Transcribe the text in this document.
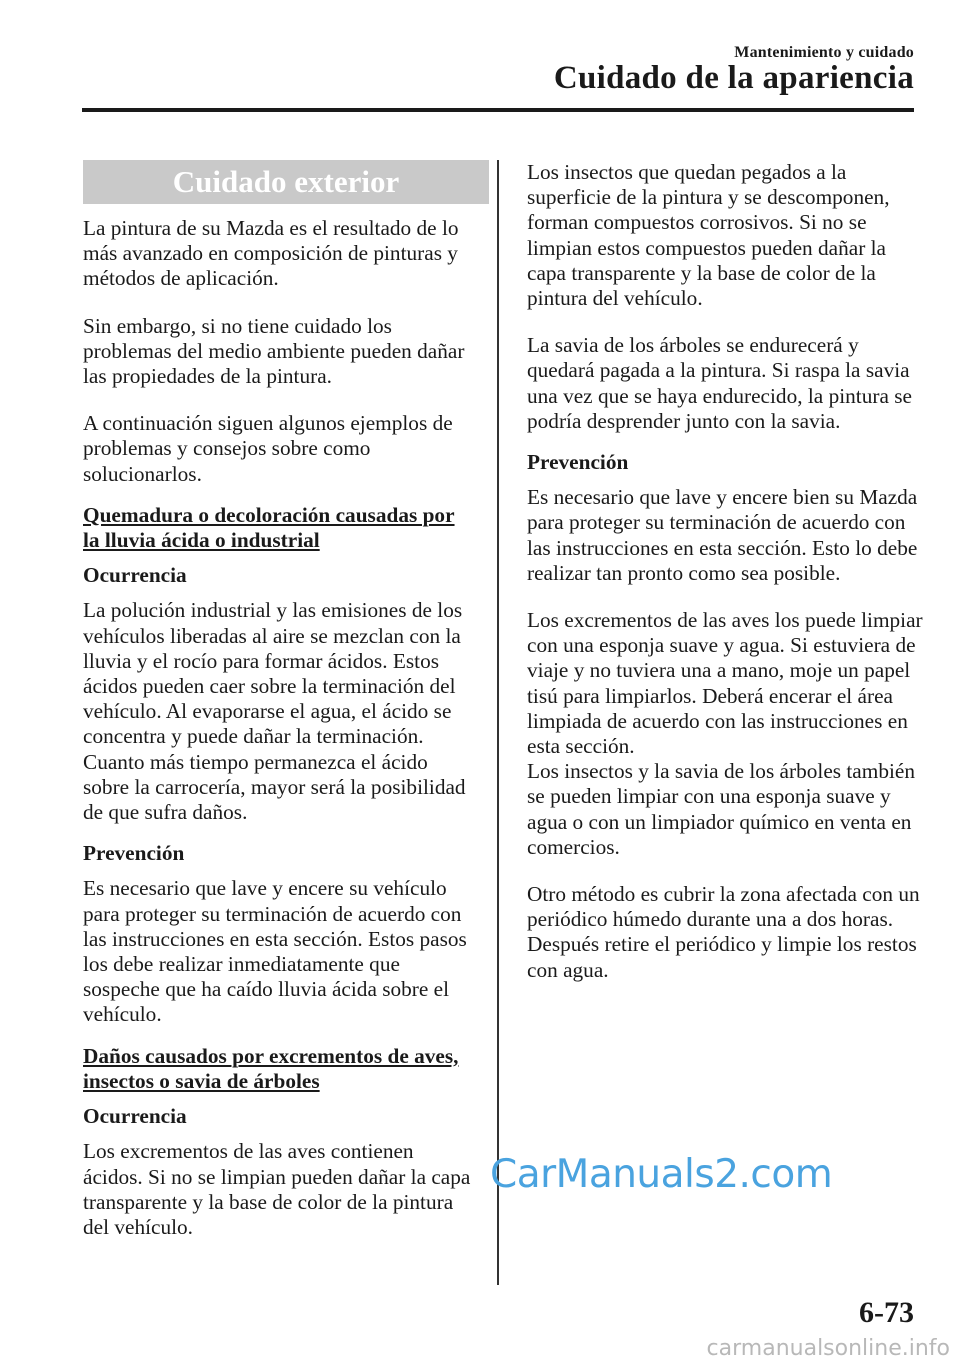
Mantenimiento y cuidado
Cuidado de la apariencia
Cuidado exterior

La pintura de su Mazda es el resultado de lo más avanzado en composición de pinturas y métodos de aplicación.

Sin embargo, si no tiene cuidado los problemas del medio ambiente pueden dañar las propiedades de la pintura.

A continuación siguen algunos ejemplos de problemas y consejos sobre como solucionarlos.

Quemadura o decoloración causadas por la lluvia ácida o industrial
Ocurrencia

La polución industrial y las emisiones de los vehículos liberadas al aire se mezclan con la lluvia y el rocío para formar ácidos. Estos ácidos pueden caer sobre la terminación del vehículo. Al evaporarse el agua, el ácido se concentra y puede dañar la terminación.

Cuanto más tiempo permanezca el ácido sobre la carrocería, mayor será la posibilidad de que sufra daños.

Prevención

Es necesario que lave y encere su vehículo para proteger su terminación de acuerdo con las instrucciones en esta sección. Estos pasos los debe realizar inmediatamente que sospeche que ha caído lluvia ácida sobre el vehículo.

Daños causados por excrementos de aves, insectos o savia de árboles
Ocurrencia

Los excrementos de las aves contienen ácidos. Si no se limpian pueden dañar la capa transparente y la base de color de la pintura del vehículo.

Los insectos que quedan pegados a la superficie de la pintura y se descomponen, forman compuestos corrosivos. Si no se limpian estos compuestos pueden dañar la capa transparente y la base de color de la pintura del vehículo.

La savia de los árboles se endurecerá y quedará pagada a la pintura. Si raspa la savia una vez que se haya endurecido, la pintura se podría desprender junto con la savia.

Prevención

Es necesario que lave y encere bien su Mazda para proteger su terminación de acuerdo con las instrucciones en esta sección. Esto lo debe realizar tan pronto como sea posible.

Los excrementos de las aves los puede limpiar con una esponja suave y agua. Si estuviera de viaje y no tuviera una a mano, moje un papel tisú para limpiarlos. Deberá encerar el área limpiada de acuerdo con las instrucciones en esta sección.

Los insectos y la savia de los árboles también se pueden limpiar con una esponja suave y agua o con un limpiador químico en venta en comercios.

Otro método es cubrir la zona afectada con un periódico húmedo durante una a dos horas. Después retire el periódico y limpie los restos con agua.

CarManuals2.com
6-73
carmanualsonline.info
